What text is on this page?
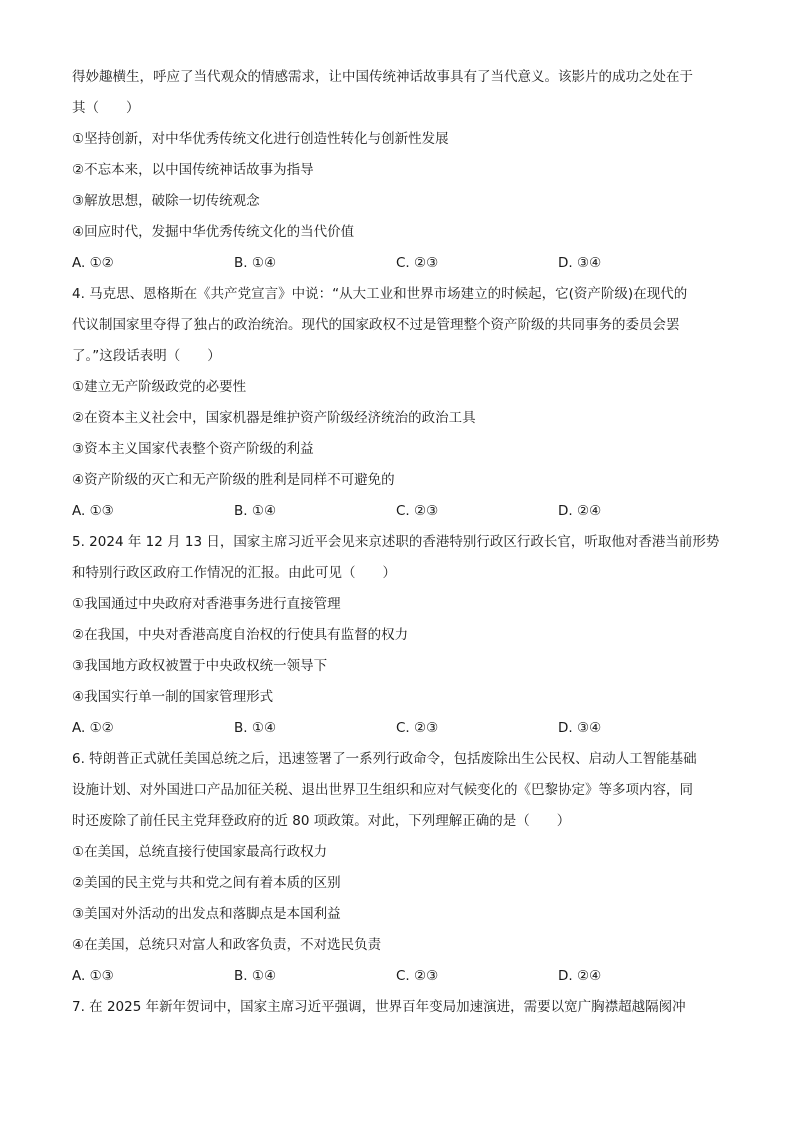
得妙趣横生，呼应了当代观众的情感需求，让中国传统神话故事具有了当代意义。该影片的成功之处在于
其（　　）
①坚持创新，对中华优秀传统文化进行创造性转化与创新性发展
②不忘本来，以中国传统神话故事为指导
③解放思想，破除一切传统观念
④回应时代，发掘中华优秀传统文化的当代价值
A. ①②	B. ①④	C. ②③	D. ③④
4. 马克思、恩格斯在《共产党宣言》中说：“从大工业和世界市场建立的时候起，它(资产阶级)在现代的
代议制国家里夺得了独占的政治统治。现代的国家政权不过是管理整个资产阶级的共同事务的委员会罢
了。”这段话表明（　　）
①建立无产阶级政党的必要性
②在资本主义社会中，国家机器是维护资产阶级经济统治的政治工具
③资本主义国家代表整个资产阶级的利益
④资产阶级的灭亡和无产阶级的胜利是同样不可避免的
A. ①③	B. ①④	C. ②③	D. ②④
5. 2024 年 12 月 13 日，国家主席习近平会见来京述职的香港特别行政区行政长官，听取他对香港当前形势
和特别行政区政府工作情况的汇报。由此可见（　　）
①我国通过中央政府对香港事务进行直接管理
②在我国，中央对香港高度自治权的行使具有监督的权力
③我国地方政权被置于中央政权统一领导下
④我国实行单一制的国家管理形式
A. ①②	B. ①④	C. ②③	D. ③④
6. 特朗普正式就任美国总统之后，迅速签署了一系列行政命令，包括废除出生公民权、启动人工智能基础
设施计划、对外国进口产品加征关税、退出世界卫生组织和应对气候变化的《巴黎协定》等多项内容，同
时还废除了前任民主党拜登政府的近 80 项政策。对此，下列理解正确的是（　　）
①在美国，总统直接行使国家最高行政权力
②美国的民主党与共和党之间有着本质的区别
③美国对外活动的出发点和落脚点是本国利益
④在美国，总统只对富人和政客负责，不对选民负责
A. ①③	B. ①④	C. ②③	D. ②④
7. 在 2025 年新年贺词中，国家主席习近平强调，世界百年变局加速演进，需要以宽广胸襟超越隔阂冲
